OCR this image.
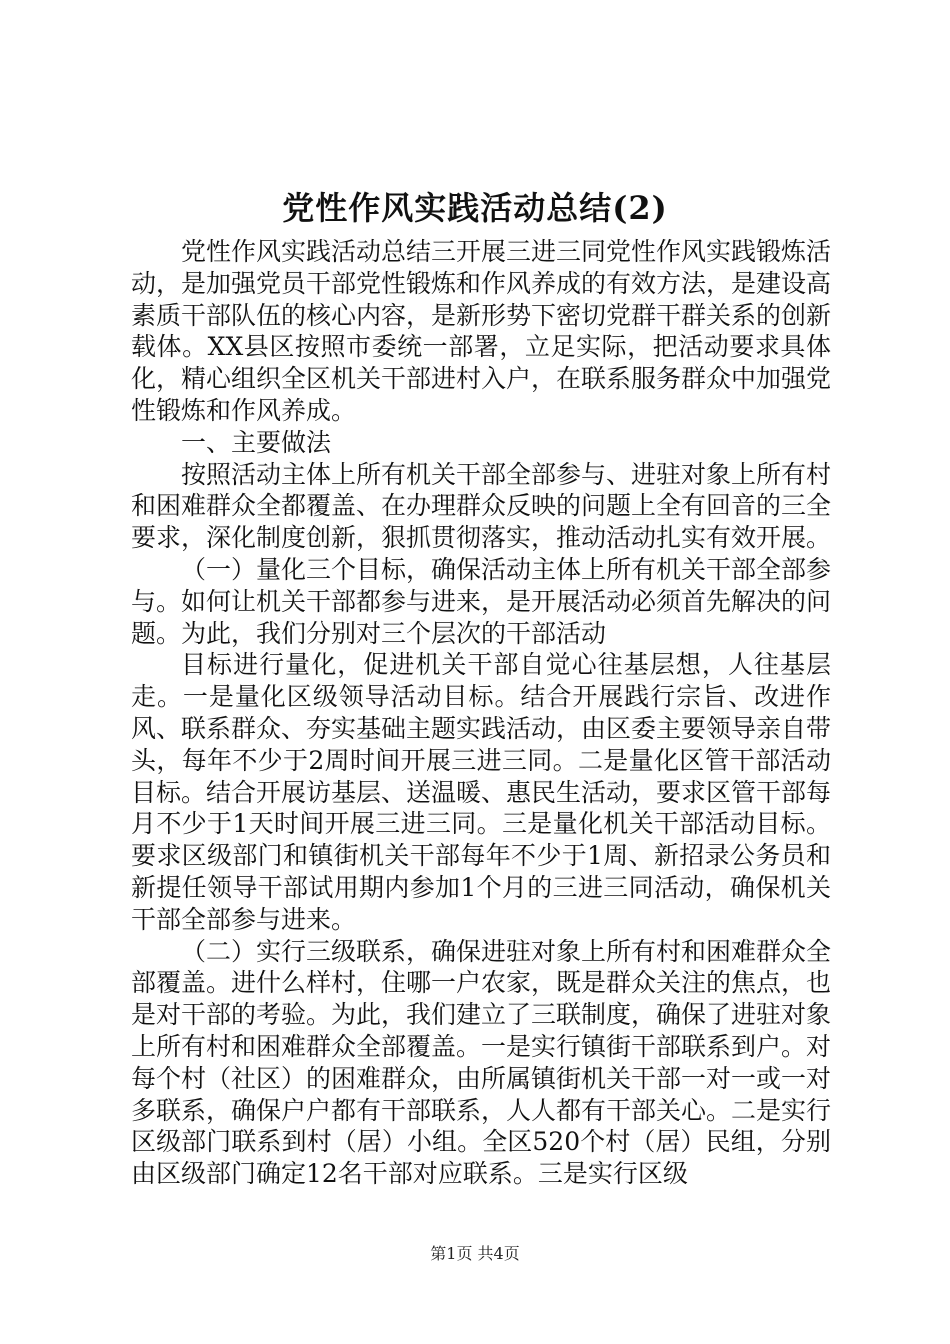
党性作风实践活动总结(2)

党性作风实践活动总结三开展三进三同党性作风实践锻炼活动，是加强党员干部党性锻炼和作风养成的有效方法，是建设高素质干部队伍的核心内容，是新形势下密切党群干群关系的创新载体。XX县区按照市委统一部署，立足实际，把活动要求具体化，精心组织全区机关干部进村入户，在联系服务群众中加强党性锻炼和作风养成。

一、主要做法

按照活动主体上所有机关干部全部参与、进驻对象上所有村和困难群众全都覆盖、在办理群众反映的问题上全有回音的三全要求，深化制度创新，狠抓贯彻落实，推动活动扎实有效开展。

（一）量化三个目标，确保活动主体上所有机关干部全部参与。如何让机关干部都参与进来，是开展活动必须首先解决的问题。为此，我们分别对三个层次的干部活动

目标进行量化，促进机关干部自觉心往基层想，人往基层走。一是量化区级领导活动目标。结合开展践行宗旨、改进作风、联系群众、夯实基础主题实践活动，由区委主要领导亲自带头，每年不少于2周时间开展三进三同。二是量化区管干部活动目标。结合开展访基层、送温暖、惠民生活动，要求区管干部每月不少于1天时间开展三进三同。三是量化机关干部活动目标。要求区级部门和镇街机关干部每年不少于1周、新招录公务员和新提任领导干部试用期内参加1个月的三进三同活动，确保机关干部全部参与进来。

（二）实行三级联系，确保进驻对象上所有村和困难群众全部覆盖。进什么样村，住哪一户农家，既是群众关注的焦点，也是对干部的考验。为此，我们建立了三联制度，确保了进驻对象上所有村和困难群众全部覆盖。一是实行镇街干部联系到户。对每个村（社区）的困难群众，由所属镇街机关干部一对一或一对多联系，确保户户都有干部联系，人人都有干部关心。二是实行区级部门联系到村（居）小组。全区520个村（居）民组，分别由区级部门确定12名干部对应联系。三是实行区级

第1页 共4页
